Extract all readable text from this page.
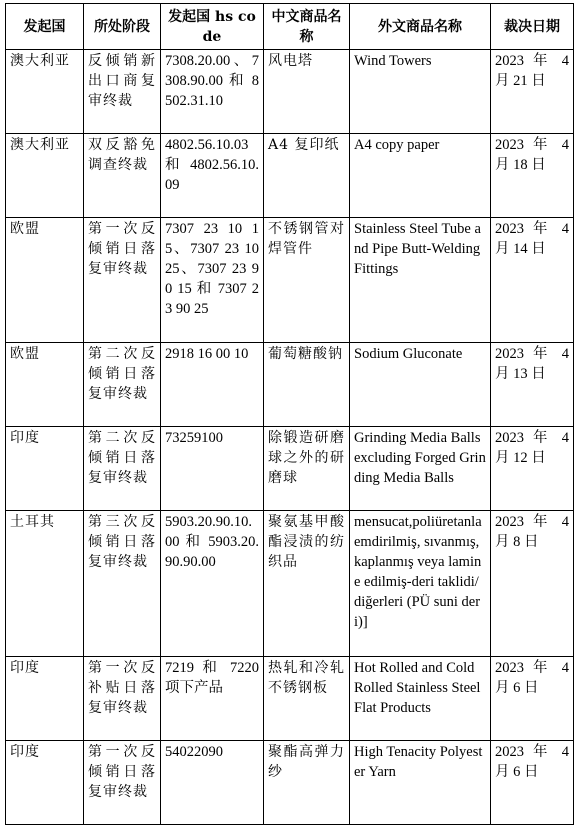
发起国	所处阶段	发起国 hs code	中文商品名称	外文商品名称	裁决日期
澳大利亚	反倾销新出口商复审终裁	7308.20.00、7308.90.00 和 8502.31.10	风电塔	Wind Towers	2023 年 4 月 21 日
澳大利亚	双反豁免调查终裁	4802.56.10.03 和 4802.56.10.09	A4 复印纸	A4 copy paper	2023 年 4 月 18 日
欧盟	第一次反倾销日落复审终裁	7307 23 10 15、7307 23 10 25、7307 23 90 15 和 7307 23 90 25	不锈钢管对焊管件	Stainless Steel Tube and Pipe Butt-WeldingFittings	2023 年 4 月 14 日
欧盟	第二次反倾销日落复审终裁	2918 16 00 10	葡萄糖酸钠	Sodium Gluconate	2023 年 4 月 13 日
印度	第二次反倾销日落复审终裁	73259100	除锻造研磨球之外的研磨球	Grinding Media Balls excluding Forged Grinding Media Balls	2023 年 4 月 12 日
土耳其	第三次反倾销日落复审终裁	5903.20.90.10.00 和 5903.20.90.90.00	聚氨基甲酸酯浸渍的纺织品	mensucat,poliüretanla emdirilmiş, sıvanmış, kaplanmış veya lamine edilmiş-deri taklidi/diğerleri (PÜ suni deri)]	2023 年 4 月 8 日
印度	第一次反补贴日落复审终裁	7219 和 7220 项下产品	热轧和冷轧不锈钢板	Hot Rolled and Cold Rolled Stainless Steel Flat Products	2023 年 4 月 6 日
印度	第一次反倾销日落复审终裁	54022090	聚酯高弹力纱	High Tenacity Polyester Yarn	2023 年 4 月 6 日
